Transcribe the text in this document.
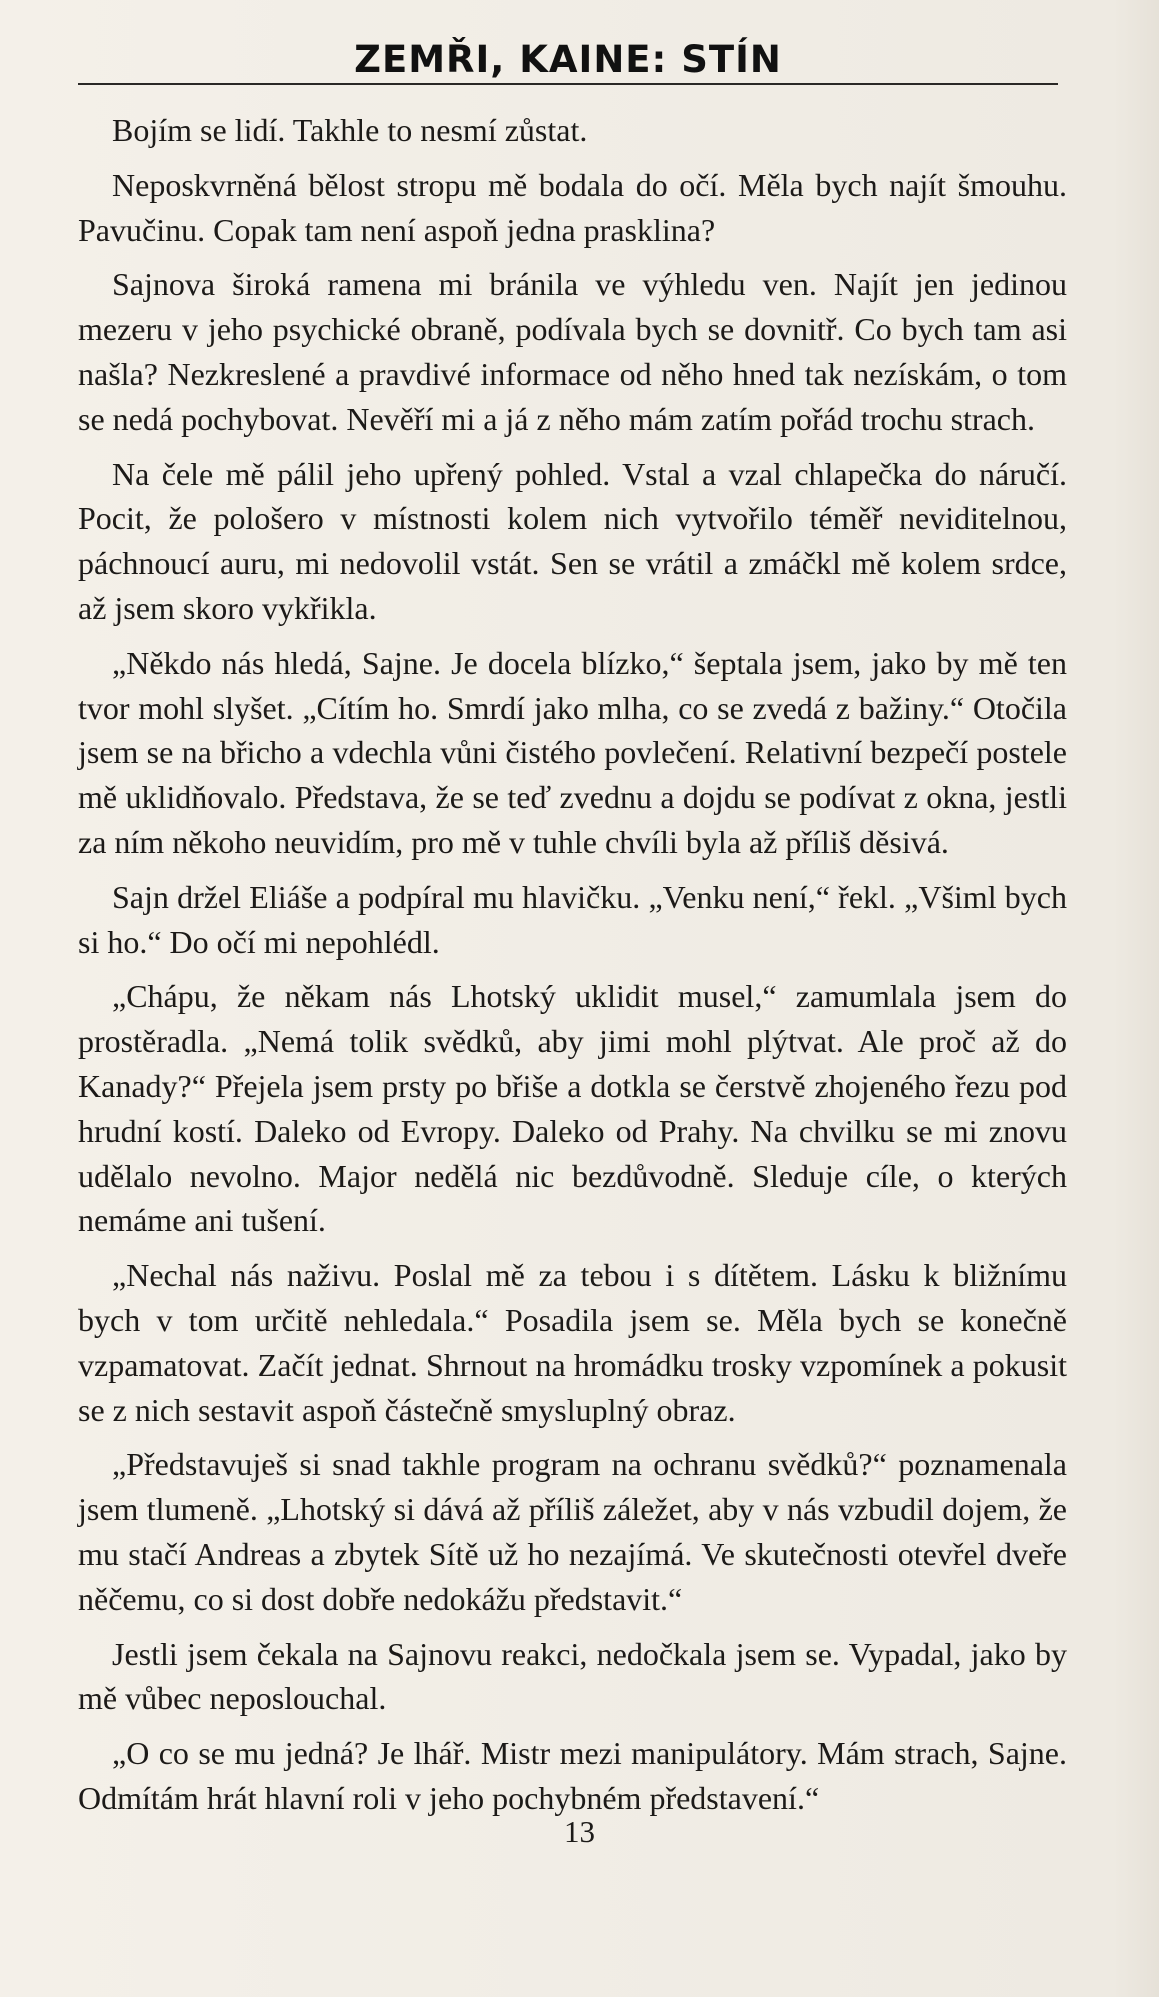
ZEMŘI, KAINE: STÍN

Bojím se lidí. Takhle to nesmí zůstat.

Neposkvrněná bělost stropu mě bodala do očí. Měla bych najít šmouhu. Pavučinu. Copak tam není aspoň jedna prasklina?

Sajnova široká ramena mi bránila ve výhledu ven. Najít jen jedinou mezeru v jeho psychické obraně, podívala bych se dovnitř. Co bych tam asi našla? Nezkreslené a pravdivé informace od něho hned tak nezískám, o tom se nedá pochybovat. Nevěří mi a já z něho mám zatím pořád trochu strach.

Na čele mě pálil jeho upřený pohled. Vstal a vzal chlapečka do náručí. Pocit, že pološero v místnosti kolem nich vytvořilo téměř neviditelnou, páchnoucí auru, mi nedovolil vstát. Sen se vrátil a zmáčkl mě kolem srdce, až jsem skoro vykřikla.

„Někdo nás hledá, Sajne. Je docela blízko,“ šeptala jsem, jako by mě ten tvor mohl slyšet. „Cítím ho. Smrdí jako mlha, co se zvedá z bažiny.“ Otočila jsem se na břicho a vdechla vůni čistého povlečení. Relativní bezpečí postele mě uklidňovalo. Představa, že se teď zvednu a dojdu se podívat z okna, jestli za ním někoho neuvidím, pro mě v tuhle chvíli byla až příliš děsivá.

Sajn držel Eliáše a podpíral mu hlavičku. „Venku není,“ řekl. „Všiml bych si ho.“ Do očí mi nepohlédl.

„Chápu, že někam nás Lhotský uklidit musel,“ zamumlala jsem do prostěradla. „Nemá tolik svědků, aby jimi mohl plýtvat. Ale proč až do Kanady?“ Přejela jsem prsty po břiše a dotkla se čerstvě zhojeného řezu pod hrudní kostí. Daleko od Evropy. Daleko od Prahy. Na chvilku se mi znovu udělalo nevolno. Major nedělá nic bezdůvodně. Sleduje cíle, o kterých nemáme ani tušení.

„Nechal nás naživu. Poslal mě za tebou i s dítětem. Lásku k bližnímu bych v tom určitě nehledala.“ Posadila jsem se. Měla bych se konečně vzpamatovat. Začít jednat. Shrnout na hromádku trosky vzpomínek a pokusit se z nich sestavit aspoň částečně smysluplný obraz.

„Představuješ si snad takhle program na ochranu svědků?“ poznamenala jsem tlumeně. „Lhotský si dává až příliš záležet, aby v nás vzbudil dojem, že mu stačí Andreas a zbytek Sítě už ho nezajímá. Ve skutečnosti otevřel dveře něčemu, co si dost dobře nedokážu představit.“

Jestli jsem čekala na Sajnovu reakci, nedočkala jsem se. Vypadal, jako by mě vůbec neposlouchal.

„O co se mu jedná? Je lhář. Mistr mezi manipulátory. Mám strach, Sajne. Odmítám hrát hlavní roli v jeho pochybném představení.“

13
